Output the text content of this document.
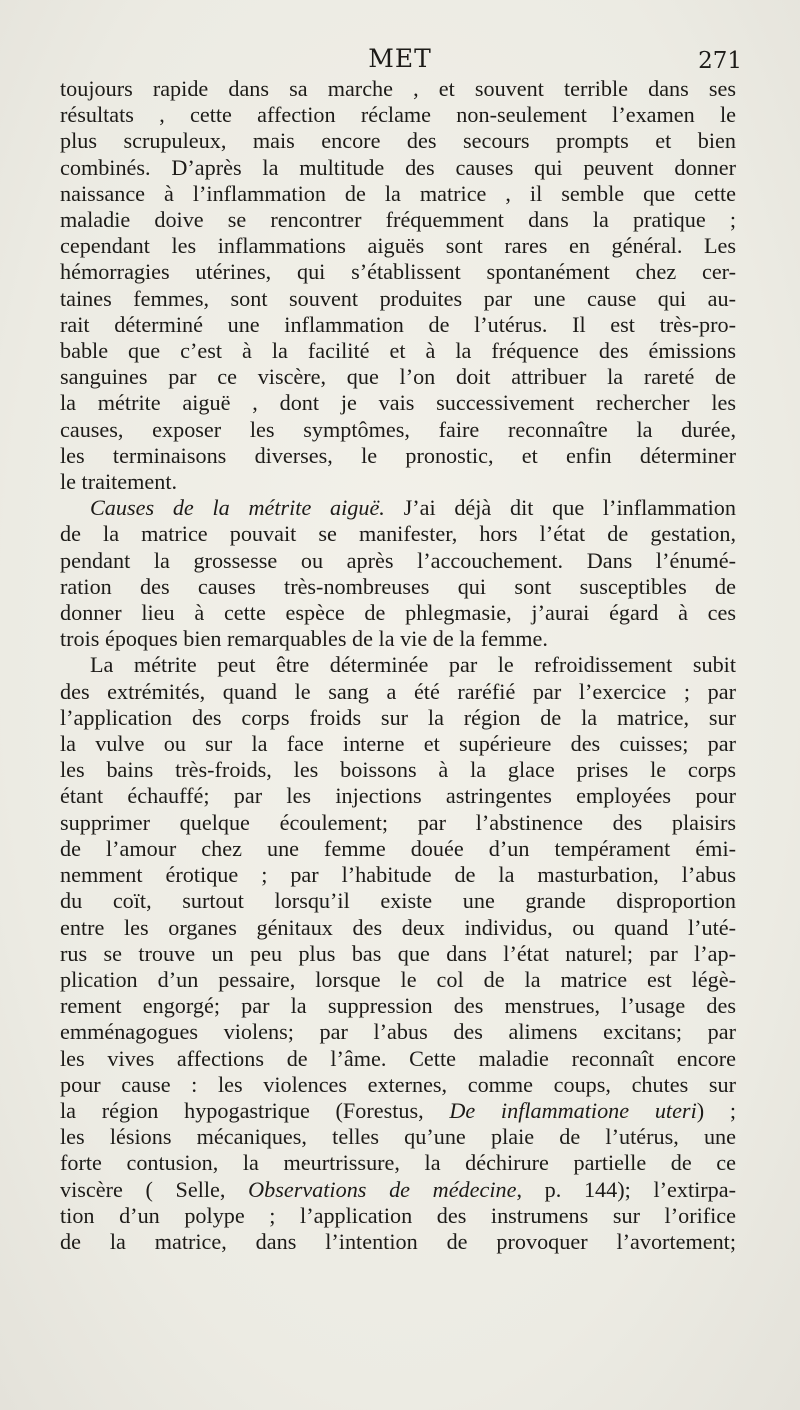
MET	271

toujours rapide dans sa marche , et souvent terrible dans ses

résultats , cette affection réclame non-seulement l’examen le

plus scrupuleux, mais encore des secours prompts et bien

combinés. D’après la multitude des causes qui peuvent donner

naissance à l’inflammation de la matrice , il semble que cette

maladie doive se rencontrer fréquemment dans la pratique ;

cependant les inflammations aiguës sont rares en général. Les

hémorragies utérines, qui s’établissent spontanément chez cer-

taines femmes, sont souvent produites par une cause qui au-

rait déterminé une inflammation de l’utérus. Il est très-pro-

bable que c’est à la facilité et à la fréquence des émissions

sanguines par ce viscère, que l’on doit attribuer la rareté de

la métrite aiguë , dont je vais successivement rechercher les

causes, exposer les symptômes, faire reconnaître la durée,

les terminaisons diverses, le pronostic, et enfin déterminer

le traitement.

Causes de la métrite aiguë. J’ai déjà dit que l’inflammation

de la matrice pouvait se manifester, hors l’état de gestation,

pendant la grossesse ou après l’accouchement. Dans l’énumé-

ration des causes très-nombreuses qui sont susceptibles de

donner lieu à cette espèce de phlegmasie, j’aurai égard à ces

trois époques bien remarquables de la vie de la femme.

La métrite peut être déterminée par le refroidissement subit

des extrémités, quand le sang a été raréfié par l’exercice ; par

l’application des corps froids sur la région de la matrice, sur

la vulve ou sur la face interne et supérieure des cuisses; par

les bains très-froids, les boissons à la glace prises le corps

étant échauffé; par les injections astringentes employées pour

supprimer quelque écoulement; par l’abstinence des plaisirs

de l’amour chez une femme douée d’un tempérament émi-

nemment érotique ; par l’habitude de la masturbation, l’abus

du coït, surtout lorsqu’il existe une grande disproportion

entre les organes génitaux des deux individus, ou quand l’uté-

rus se trouve un peu plus bas que dans l’état naturel; par l’ap-

plication d’un pessaire, lorsque le col de la matrice est légè-

rement engorgé; par la suppression des menstrues, l’usage des

emménagogues violens; par l’abus des alimens excitans; par

les vives affections de l’âme. Cette maladie reconnaît encore

pour cause : les violences externes, comme coups, chutes sur

la région hypogastrique (Forestus, De inflammatione uteri) ;

les lésions mécaniques, telles qu’une plaie de l’utérus, une

forte contusion, la meurtrissure, la déchirure partielle de ce

viscère ( Selle, Observations de médecine, p. 144); l’extirpa-

tion d’un polype ; l’application des instrumens sur l’orifice

de la matrice, dans l’intention de provoquer l’avortement;
